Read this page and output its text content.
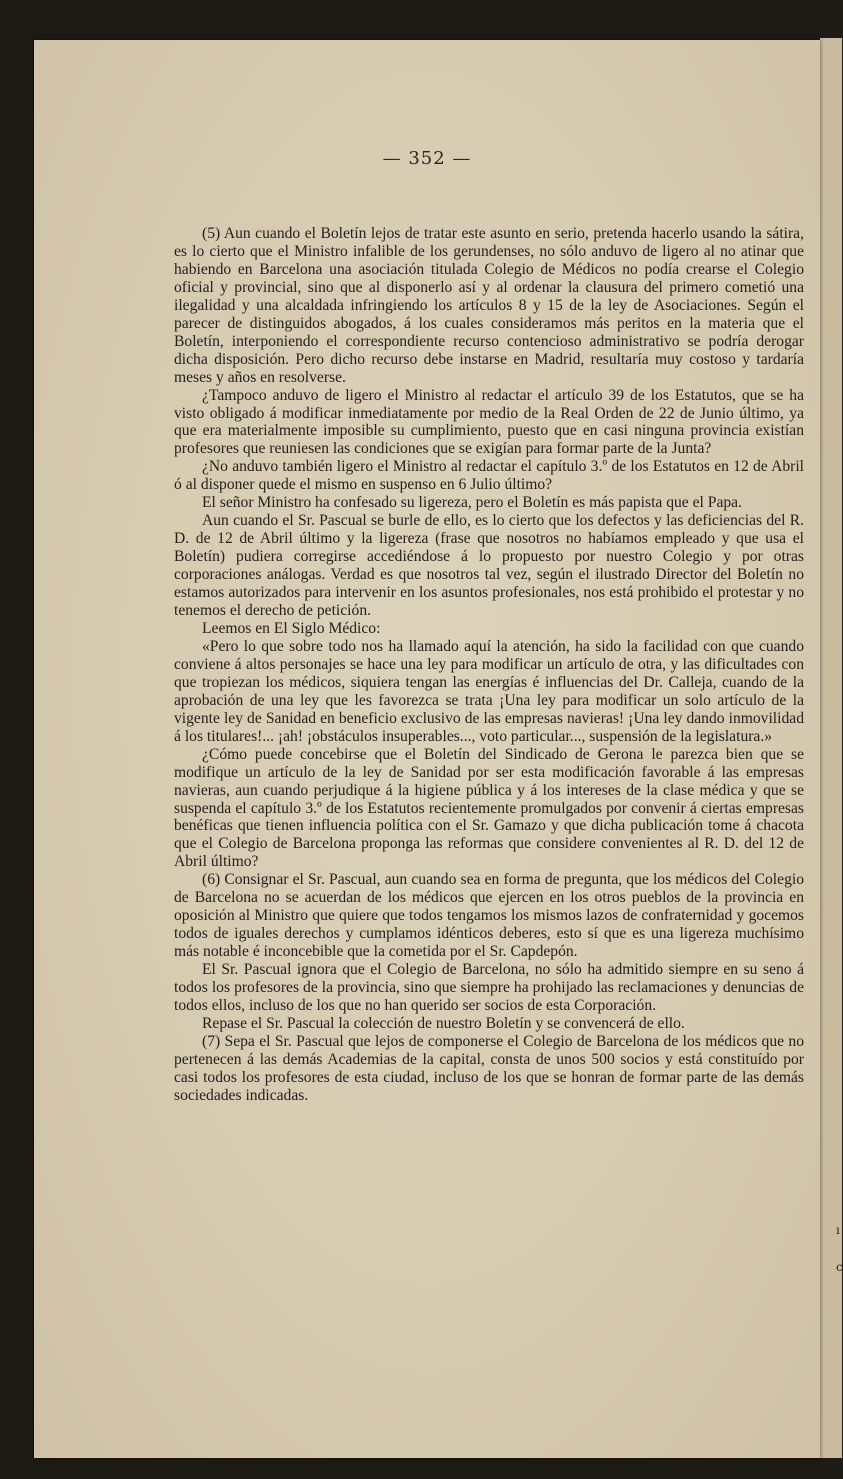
ı
c
— 352 —

(5) Aun cuando el Boletín lejos de tratar este asunto en serio, pretenda hacerlo usando la sátira, es lo cierto que el Ministro infalible de los gerundenses, no sólo anduvo de ligero al no atinar que habiendo en Barcelona una asociación titulada Colegio de Médicos no podía crearse el Colegio oficial y provincial, sino que al disponerlo así y al ordenar la clausura del primero cometió una ilegalidad y una alcaldada infringiendo los artículos 8 y 15 de la ley de Asociaciones. Según el parecer de distinguidos abogados, á los cuales consideramos más peritos en la materia que el Boletín, interponiendo el correspondiente recurso contencioso administrativo se podría derogar dicha disposición. Pero dicho recurso debe instarse en Madrid, resultaría muy costoso y tardaría meses y años en resolverse.

¿Tampoco anduvo de ligero el Ministro al redactar el artículo 39 de los Estatutos, que se ha visto obligado á modificar inmediatamente por medio de la Real Orden de 22 de Junio último, ya que era materialmente imposible su cumplimiento, puesto que en casi ninguna provincia existían profesores que reuniesen las condiciones que se exigían para formar parte de la Junta?

¿No anduvo también ligero el Ministro al redactar el capítulo 3.º de los Estatutos en 12 de Abril ó al disponer quede el mismo en suspenso en 6 Julio último?

El señor Ministro ha confesado su ligereza, pero el Boletín es más papista que el Papa.

Aun cuando el Sr. Pascual se burle de ello, es lo cierto que los defectos y las deficiencias del R. D. de 12 de Abril último y la ligereza (frase que nosotros no habíamos empleado y que usa el Boletín) pudiera corregirse accediéndose á lo propuesto por nuestro Colegio y por otras corporaciones análogas. Verdad es que nosotros tal vez, según el ilustrado Director del Boletín no estamos autorizados para intervenir en los asuntos profesionales, nos está prohibido el protestar y no tenemos el derecho de petición.

Leemos en El Siglo Médico:

«Pero lo que sobre todo nos ha llamado aquí la atención, ha sido la facilidad con que cuando conviene á altos personajes se hace una ley para modificar un artículo de otra, y las dificultades con que tropiezan los médicos, siquiera tengan las energías é influencias del Dr. Calleja, cuando de la aprobación de una ley que les favorezca se trata ¡Una ley para modificar un solo artículo de la vigente ley de Sanidad en beneficio exclusivo de las empresas navieras! ¡Una ley dando inmovilidad á los titulares!... ¡ah! ¡obstáculos insuperables..., voto particular..., suspensión de la legislatura.»

¿Cómo puede concebirse que el Boletín del Sindicado de Gerona le parezca bien que se modifique un artículo de la ley de Sanidad por ser esta modificación favorable á las empresas navieras, aun cuando perjudique á la higiene pública y á los intereses de la clase médica y que se suspenda el capítulo 3.º de los Estatutos recientemente promulgados por convenir á ciertas empresas benéficas que tienen influencia política con el Sr. Gamazo y que dicha publicación tome á chacota que el Colegio de Barcelona proponga las reformas que considere convenientes al R. D. del 12 de Abril último?

(6) Consignar el Sr. Pascual, aun cuando sea en forma de pregunta, que los médicos del Colegio de Barcelona no se acuerdan de los médicos que ejercen en los otros pueblos de la provincia en oposición al Ministro que quiere que todos tengamos los mismos lazos de confraternidad y gocemos todos de iguales derechos y cumplamos idénticos deberes, esto sí que es una ligereza muchísimo más notable é inconcebible que la cometida por el Sr. Capdepón.

El Sr. Pascual ignora que el Colegio de Barcelona, no sólo ha admitido siempre en su seno á todos los profesores de la provincia, sino que siempre ha prohijado las reclamaciones y denuncias de todos ellos, incluso de los que no han querido ser socios de esta Corporación.

Repase el Sr. Pascual la colección de nuestro Boletín y se convencerá de ello.

(7) Sepa el Sr. Pascual que lejos de componerse el Colegio de Barcelona de los médicos que no pertenecen á las demás Academias de la capital, consta de unos 500 socios y está constituído por casi todos los profesores de esta ciudad, incluso de los que se honran de formar parte de las demás sociedades indicadas.
